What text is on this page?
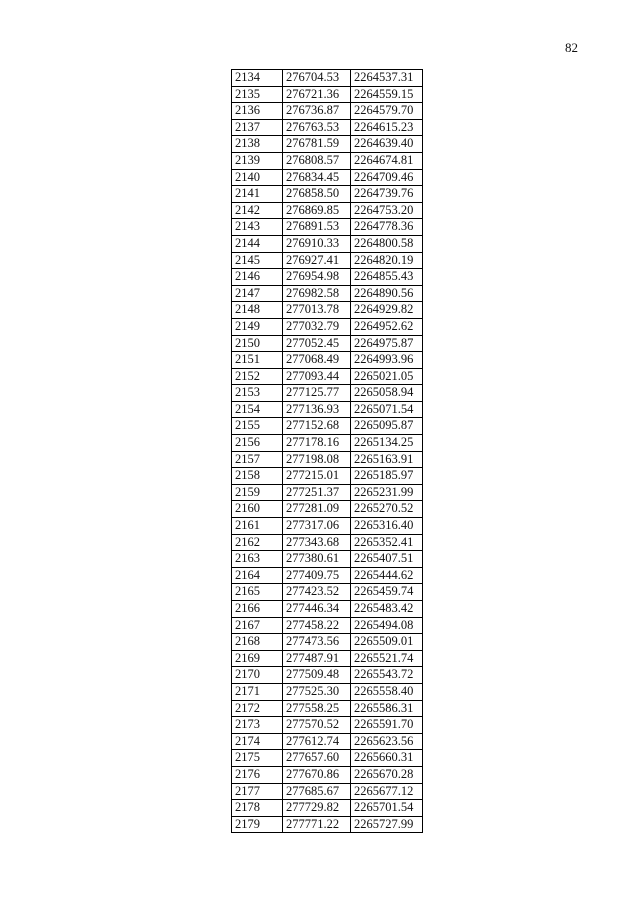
82
2134	276704.53	2264537.31
2135	276721.36	2264559.15
2136	276736.87	2264579.70
2137	276763.53	2264615.23
2138	276781.59	2264639.40
2139	276808.57	2264674.81
2140	276834.45	2264709.46
2141	276858.50	2264739.76
2142	276869.85	2264753.20
2143	276891.53	2264778.36
2144	276910.33	2264800.58
2145	276927.41	2264820.19
2146	276954.98	2264855.43
2147	276982.58	2264890.56
2148	277013.78	2264929.82
2149	277032.79	2264952.62
2150	277052.45	2264975.87
2151	277068.49	2264993.96
2152	277093.44	2265021.05
2153	277125.77	2265058.94
2154	277136.93	2265071.54
2155	277152.68	2265095.87
2156	277178.16	2265134.25
2157	277198.08	2265163.91
2158	277215.01	2265185.97
2159	277251.37	2265231.99
2160	277281.09	2265270.52
2161	277317.06	2265316.40
2162	277343.68	2265352.41
2163	277380.61	2265407.51
2164	277409.75	2265444.62
2165	277423.52	2265459.74
2166	277446.34	2265483.42
2167	277458.22	2265494.08
2168	277473.56	2265509.01
2169	277487.91	2265521.74
2170	277509.48	2265543.72
2171	277525.30	2265558.40
2172	277558.25	2265586.31
2173	277570.52	2265591.70
2174	277612.74	2265623.56
2175	277657.60	2265660.31
2176	277670.86	2265670.28
2177	277685.67	2265677.12
2178	277729.82	2265701.54
2179	277771.22	2265727.99
